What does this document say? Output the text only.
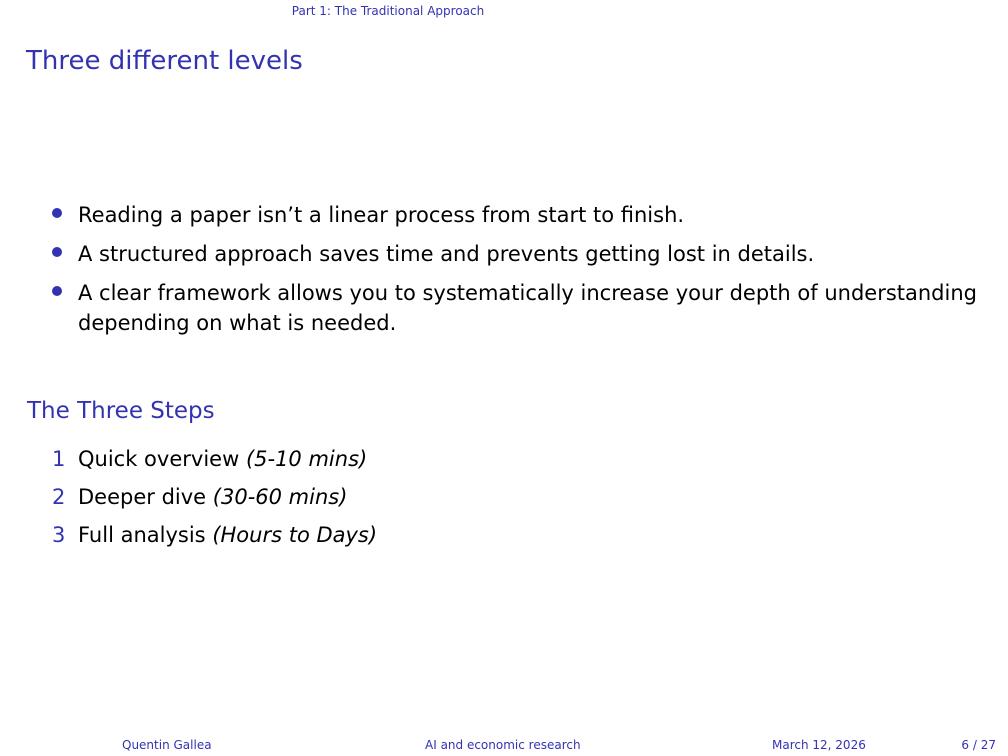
Part 1: The Traditional Approach
Three different levels
Reading a paper isn’t a linear process from start to finish.
A structured approach saves time and prevents getting lost in details.
A clear framework allows you to systematically increase your depth of understanding depending on what is needed.
The Three Steps
1 Quick overview (5-10 mins)
2 Deeper dive (30-60 mins)
3 Full analysis (Hours to Days)
Quentin Gallea	AI and economic research	March 12, 2026	6 / 27
